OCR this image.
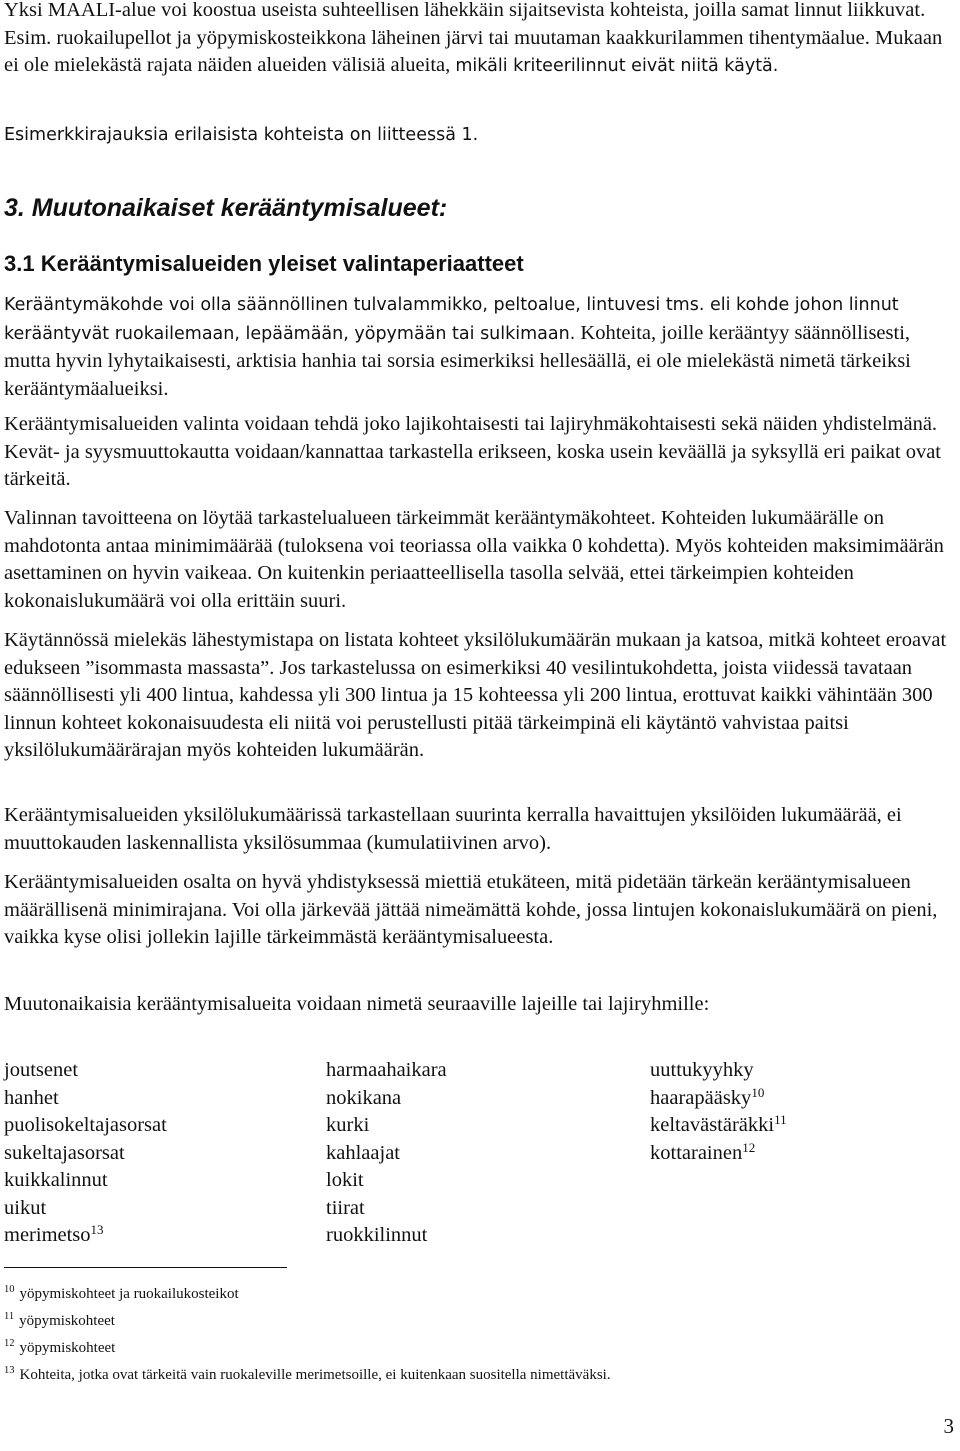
Yksi MAALI-alue voi koostua useista suhteellisen lähekkäin sijaitsevista kohteista, joilla samat linnut liikkuvat. Esim. ruokailupellot ja yöpymiskosteikkona läheinen järvi tai muutaman kaakkurilammen tihentymäalue. Mukaan ei ole mielekästä rajata näiden alueiden välisiä alueita, mikäli kriteerilinnut eivät niitä käytä.

Esimerkkirajauksia erilaisista kohteista on liitteessä 1.

3. Muutonaikaiset kerääntymisalueet:
3.1 Kerääntymisalueiden yleiset valintaperiaatteet

Kerääntymäkohde voi olla säännöllinen tulvalammikko, peltoalue, lintuvesi tms. eli kohde johon linnut kerääntyvät ruokailemaan, lepäämään, yöpymään tai sulkimaan. Kohteita, joille kerääntyy säännöllisesti, mutta hyvin lyhytaikaisesti, arktisia hanhia tai sorsia esimerkiksi hellesäällä, ei ole mielekästä nimetä tärkeiksi kerääntymäalueiksi.

Kerääntymisalueiden valinta voidaan tehdä joko lajikohtaisesti tai lajiryhmäkohtaisesti sekä näiden yhdistelmänä. Kevät- ja syysmuuttokautta voidaan/kannattaa tarkastella erikseen, koska usein keväällä ja syksyllä eri paikat ovat tärkeitä.

Valinnan tavoitteena on löytää tarkastelualueen tärkeimmät kerääntymäkohteet. Kohteiden lukumäärälle on mahdotonta antaa minimimäärää (tuloksena voi teoriassa olla vaikka 0 kohdetta). Myös kohteiden maksimimäärän asettaminen on hyvin vaikeaa. On kuitenkin periaatteellisella tasolla selvää, ettei tärkeimpien kohteiden kokonaislukumäärä voi olla erittäin suuri.

Käytännössä mielekäs lähestymistapa on listata kohteet yksilölukumäärän mukaan ja katsoa, mitkä kohteet eroavat edukseen ”isommasta massasta”. Jos tarkastelussa on esimerkiksi 40 vesilintukohdetta, joista viidessä tavataan säännöllisesti yli 400 lintua, kahdessa yli 300 lintua ja 15 kohteessa yli 200 lintua, erottuvat kaikki vähintään 300 linnun kohteet kokonaisuudesta eli niitä voi perustellusti pitää tärkeimpinä eli käytäntö vahvistaa paitsi yksilölukumäärärajan myös kohteiden lukumäärän.

Kerääntymisalueiden yksilölukumäärissä tarkastellaan suurinta kerralla havaittujen yksilöiden lukumäärää, ei muuttokauden laskennallista yksilösummaa (kumulatiivinen arvo).

Kerääntymisalueiden osalta on hyvä yhdistyksessä miettiä etukäteen, mitä pidetään tärkeän kerääntymisalueen määrällisenä minimirajana. Voi olla järkevää jättää nimeämättä kohde, jossa lintujen kokonaislukumäärä on pieni, vaikka kyse olisi jollekin lajille tärkeimmästä kerääntymisalueesta.

Muutonaikaisia kerääntymisalueita voidaan nimetä seuraaville lajeille tai lajiryhmille:

joutsenet
hanhet
puolisokeltajasorsat
sukeltajasorsat
kuikkalinnut
uikut
merimetso$^{13}$
harmaahaikara
nokikana
kurki
kahlaajat
lokit
tiirat
ruokkilinnut
uuttukyyhky
haarapääsky$^{10}$
keltavästäräkki$^{11}$
kottarainen$^{12}$

$^{10}$ yöpymiskohteet ja ruokailukosteikot

$^{11}$ yöpymiskohteet

$^{12}$ yöpymiskohteet

$^{13}$ Kohteita, jotka ovat tärkeitä vain ruokaleville merimetsoille, ei kuitenkaan suositella nimettäväksi.

3
